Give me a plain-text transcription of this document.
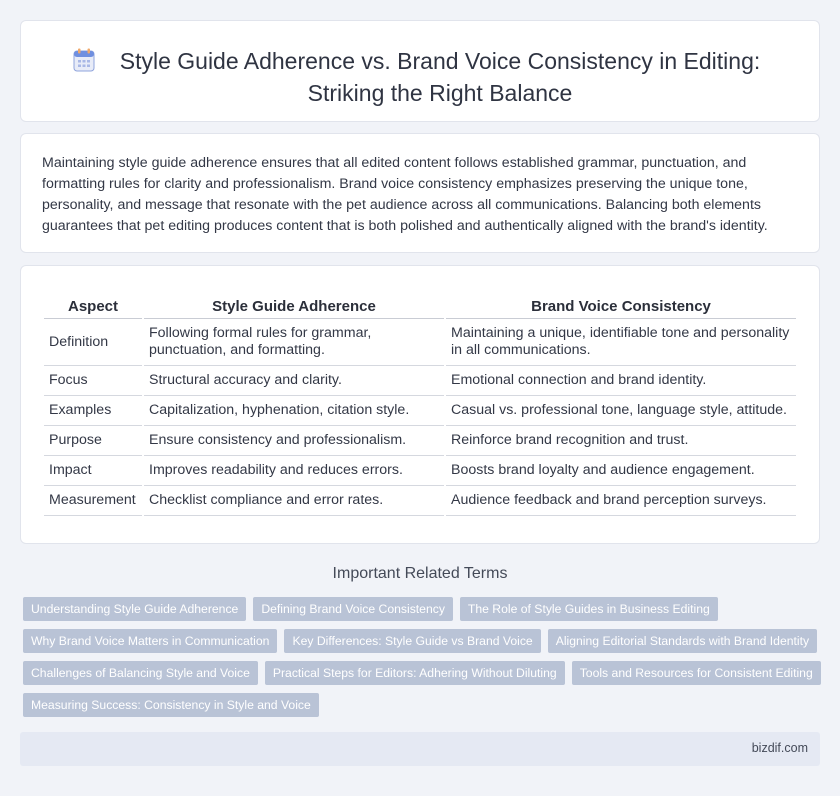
Style Guide Adherence vs. Brand Voice Consistency in Editing: Striking the Right Balance

Maintaining style guide adherence ensures that all edited content follows established grammar, punctuation, and formatting rules for clarity and professionalism. Brand voice consistency emphasizes preserving the unique tone, personality, and message that resonate with the pet audience across all communications. Balancing both elements guarantees that pet editing produces content that is both polished and authentically aligned with the brand's identity.

Aspect	Style Guide Adherence	Brand Voice Consistency
Definition	Following formal rules for grammar, punctuation, and formatting.	Maintaining a unique, identifiable tone and personality in all communications.
Focus	Structural accuracy and clarity.	Emotional connection and brand identity.
Examples	Capitalization, hyphenation, citation style.	Casual vs. professional tone, language style, attitude.
Purpose	Ensure consistency and professionalism.	Reinforce brand recognition and trust.
Impact	Improves readability and reduces errors.	Boosts brand loyalty and audience engagement.
Measurement	Checklist compliance and error rates.	Audience feedback and brand perception surveys.
Important Related Terms
Understanding Style Guide Adherence	Defining Brand Voice Consistency	The Role of Style Guides in Business Editing
Why Brand Voice Matters in Communication	Key Differences: Style Guide vs Brand Voice	Aligning Editorial Standards with Brand Identity
Challenges of Balancing Style and Voice	Practical Steps for Editors: Adhering Without Diluting	Tools and Resources for Consistent Editing
Measuring Success: Consistency in Style and Voice
bizdif.com
